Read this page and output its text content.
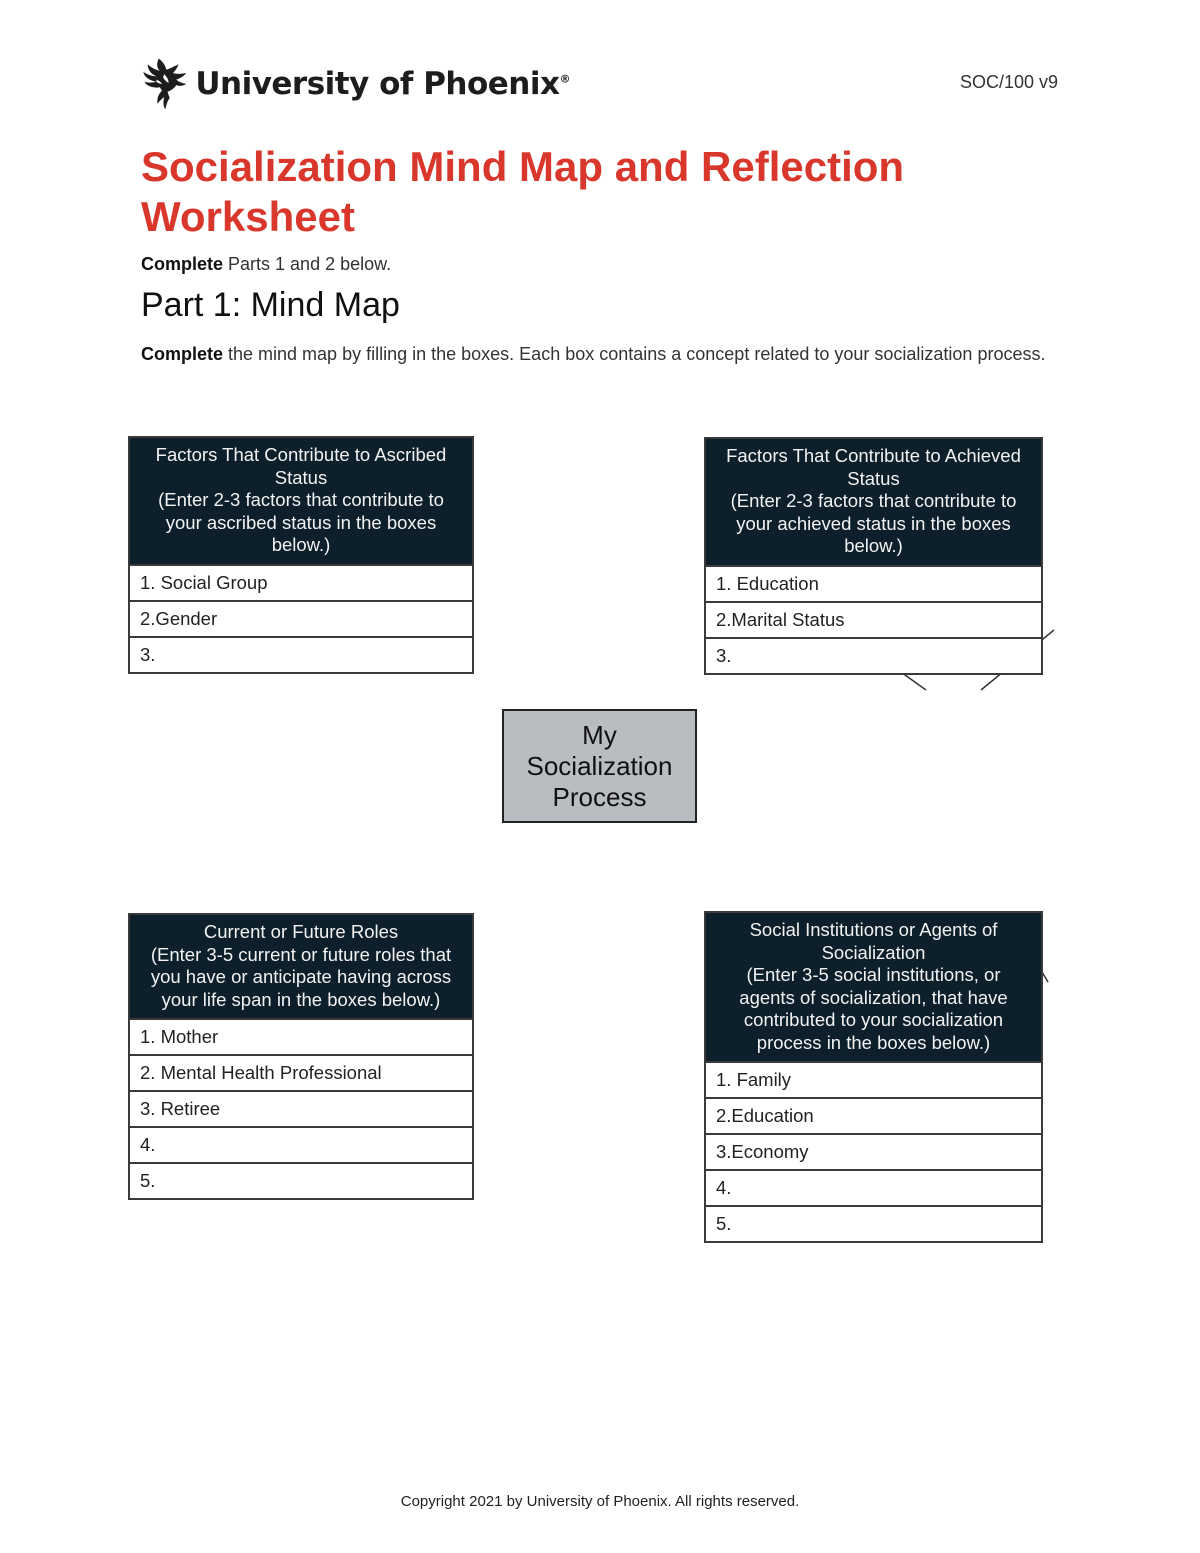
University of Phoenix®	SOC/100 v9
Socialization Mind Map and Reflection
Worksheet
Complete Parts 1 and 2 below.
Part 1: Mind Map
Complete the mind map by filling in the boxes. Each box contains a concept related to your socialization process.
Factors That Contribute to Ascribed
Status
(Enter 2-3 factors that contribute to
your ascribed status in the boxes
below.)
1. Social Group
2.Gender
3.
Factors That Contribute to Achieved
Status
(Enter 2-3 factors that contribute to
your achieved status in the boxes
below.)
1. Education
2.Marital Status
3.
My
Socialization
Process
Current or Future Roles
(Enter 3-5 current or future roles that
you have or anticipate having across
your life span in the boxes below.)
1. Mother
2. Mental Health Professional
3. Retiree
4.
5.
Social Institutions or Agents of
Socialization
(Enter 3-5 social institutions, or
agents of socialization, that have
contributed to your socialization
process in the boxes below.)
1. Family
2.Education
3.Economy
4.
5.
Copyright 2021 by University of Phoenix. All rights reserved.
